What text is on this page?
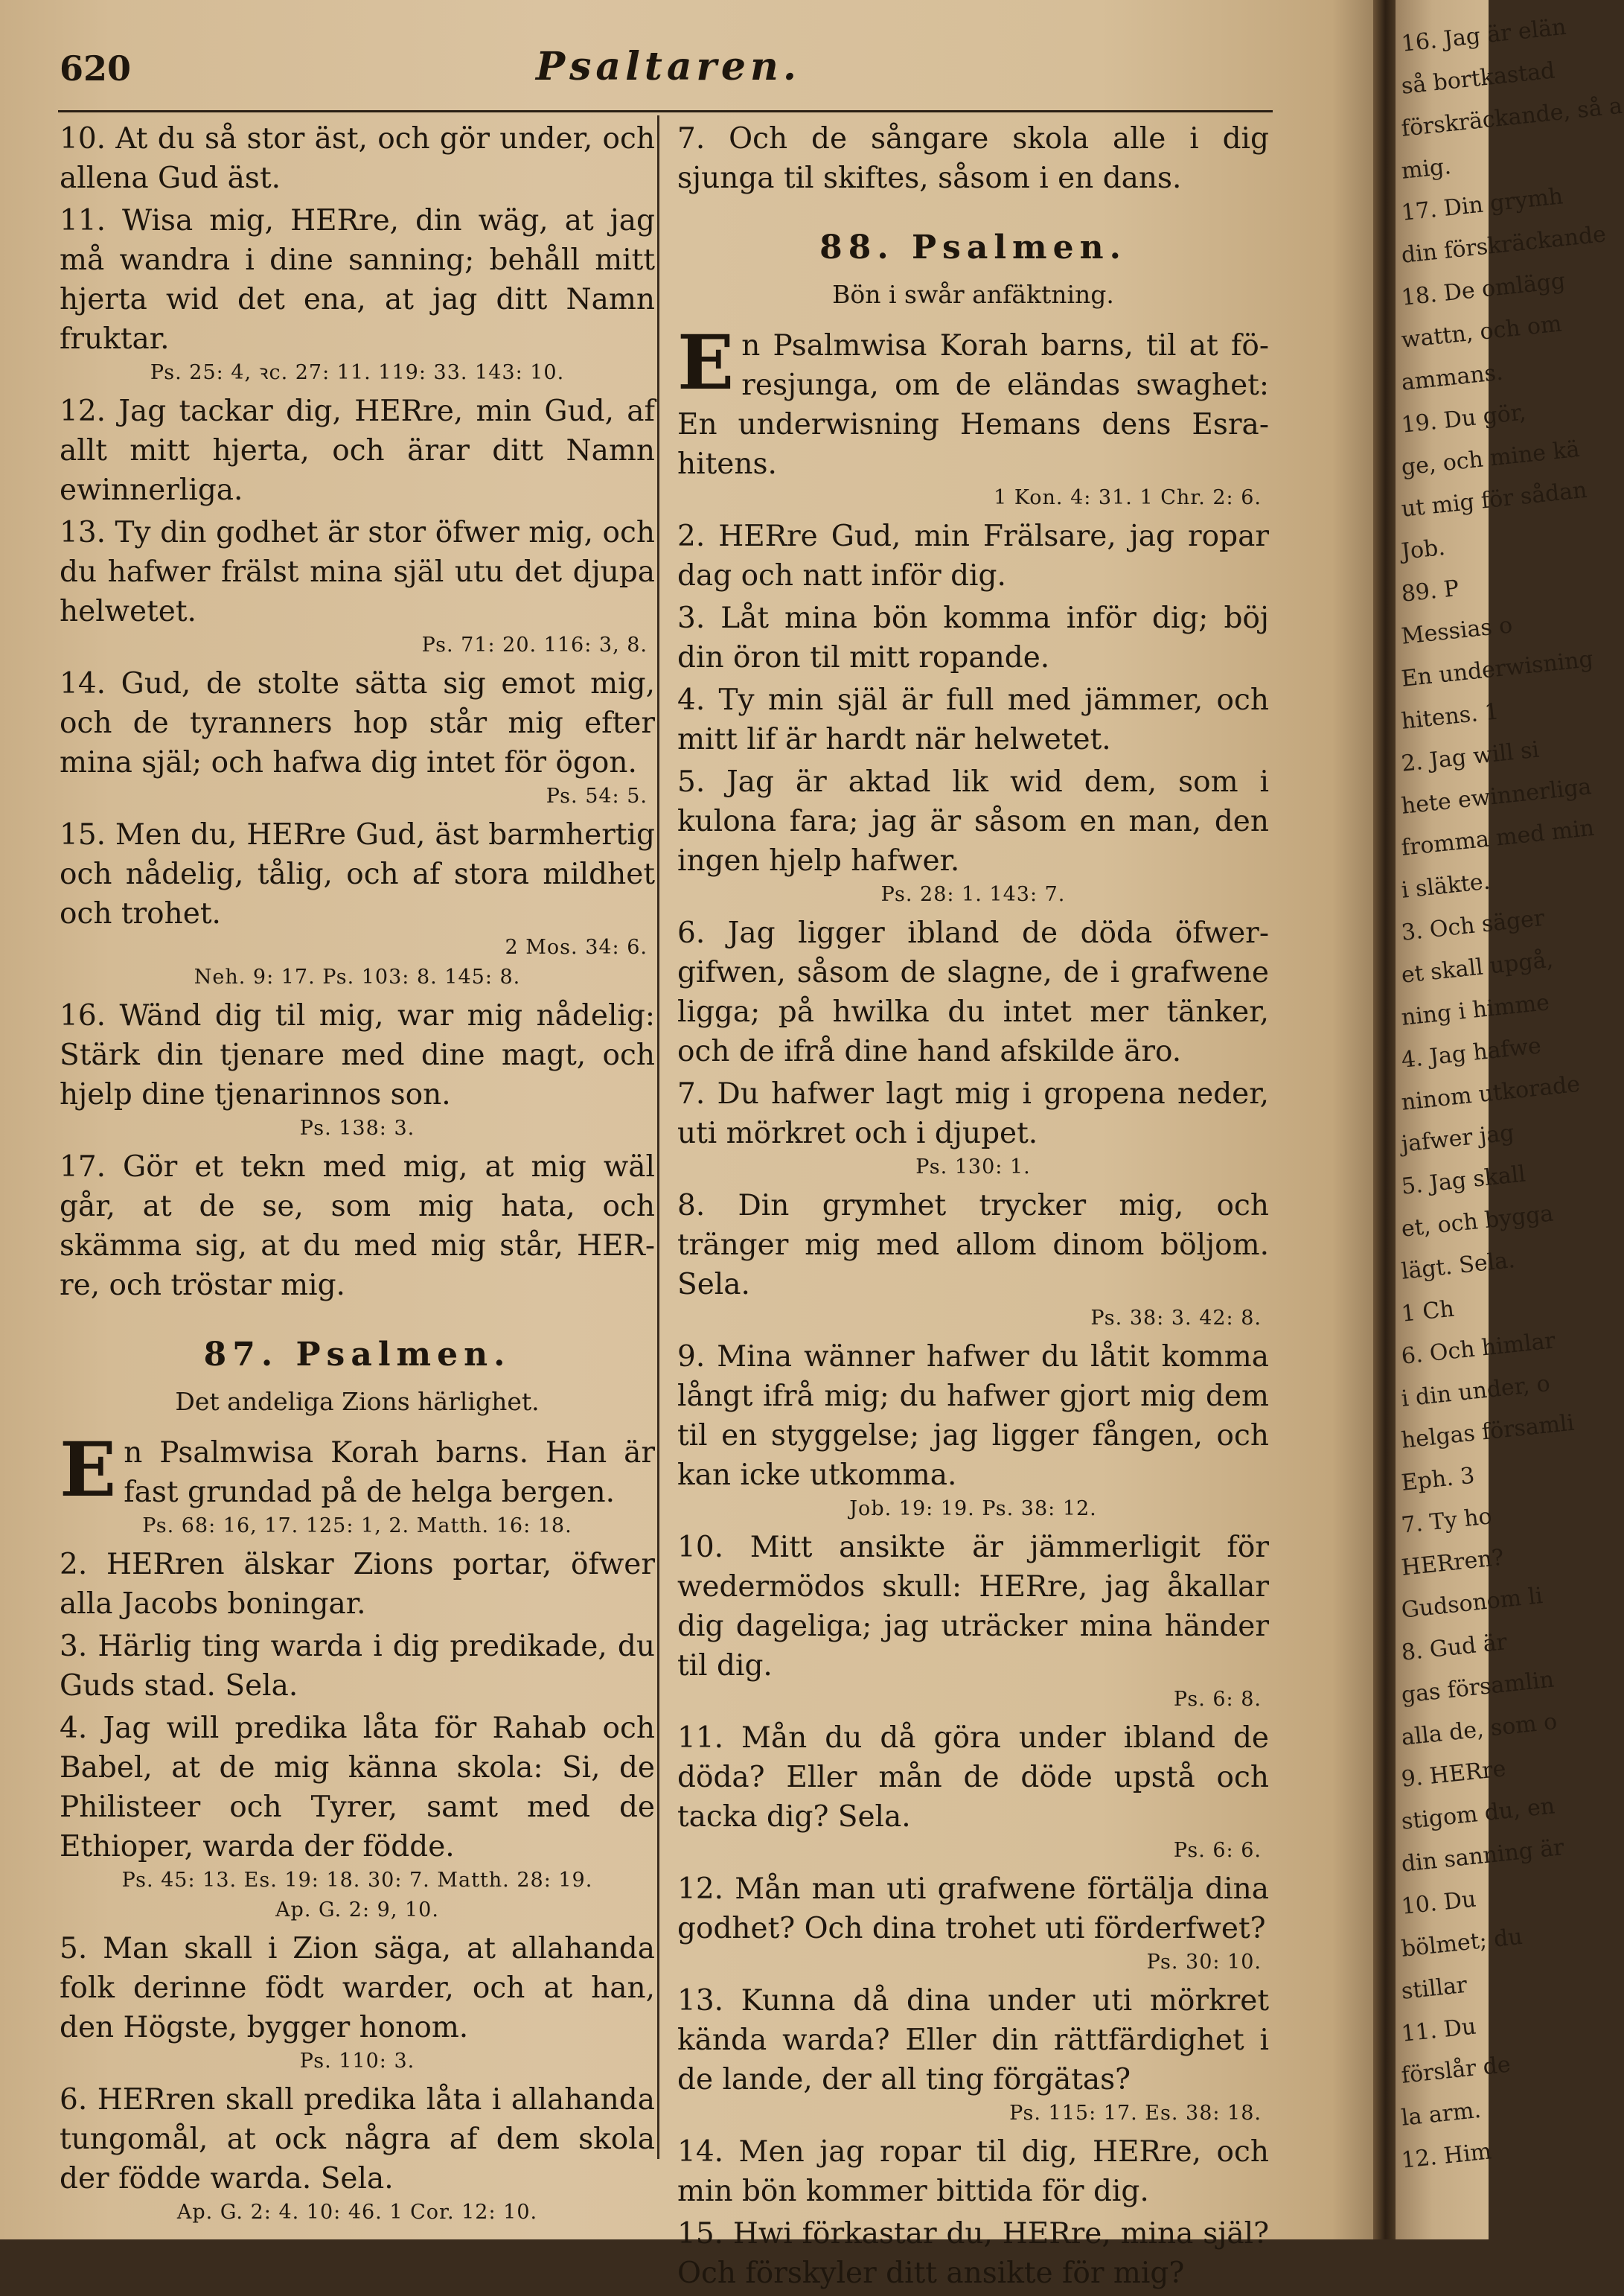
620	Psaltaren.

10. At du så stor äst, och gör under, och allena Gud äst.

11. Wisa mig, HERre, din wäg, at jag må wandra i dine sanning; behåll mitt hjerta wid det ena, at jag ditt Namn fruktar.

Ps. 25: 4, ꝛc. 27: 11. 119: 33. 143: 10.

12. Jag tackar dig, HERre, min Gud, af allt mitt hjerta, och ärar ditt Namn ewinnerliga.

13. Ty din godhet är stor öfwer mig, och du hafwer frälst mina själ utu det djupa helwetet.

Ps. 71: 20. 116: 3, 8.

14. Gud, de stolte sätta sig emot mig, och de tyranners hop står mig efter mina själ; och hafwa dig intet för ögon.

Ps. 54: 5.

15. Men du, HERre Gud, äst barmhertig och nådelig, tålig, och af stora mildhet och trohet.

2 Mos. 34: 6.
Neh. 9: 17. Ps. 103: 8. 145: 8.

16. Wänd dig til mig, war mig nådelig: Stärk din tjenare med dine magt, och hjelp dine tjenarinnos son.

Ps. 138: 3.

17. Gör et tekn med mig, at mig wäl går, at de se, som mig hata, och skämma sig, at du med mig står, HERre, och tröstar mig.

87. Psalmen.
Det andeliga Zions härlighet.

En Psalmwisa Korah barns. Han är fast grundad på de helga bergen.

Ps. 68: 16, 17. 125: 1, 2. Matth. 16: 18.

2. HERren älskar Zions portar, öfwer alla Jacobs boningar.

3. Härlig ting warda i dig predikade, du Guds stad. Sela.

4. Jag will predika låta för Rahab och Babel, at de mig känna skola: Si, de Philisteer och Tyrer, samt med de Ethioper, warda der födde.

Ps. 45: 13. Es. 19: 18. 30: 7. Matth. 28: 19.
Ap. G. 2: 9, 10.

5. Man skall i Zion säga, at allahanda folk derinne födt warder, och at han, den Högste, bygger honom.

Ps. 110: 3.

6. HERren skall predika låta i allahanda tungomål, at ock några af dem skola der födde warda. Sela.

Ap. G. 2: 4. 10: 46. 1 Cor. 12: 10.

7. Och de sångare skola alle i dig sjunga til skiftes, såsom i en dans.

88. Psalmen.
Bön i swår anfäktning.

En Psalmwisa Korah barns, til at föresjunga, om de eländas swaghet: En underwisning Hemans dens Esrahitens.

1 Kon. 4: 31. 1 Chr. 2: 6.

2. HERre Gud, min Frälsare, jag ropar dag och natt inför dig.

3. Låt mina bön komma inför dig; böj din öron til mitt ropande.

4. Ty min själ är full med jämmer, och mitt lif är hardt när helwetet.

5. Jag är aktad lik wid dem, som i kulona fara; jag är såsom en man, den ingen hjelp hafwer.

Ps. 28: 1. 143: 7.

6. Jag ligger ibland de döda öfwergifwen, såsom de slagne, de i grafwene ligga; på hwilka du intet mer tänker, och de ifrå dine hand afskilde äro.

7. Du hafwer lagt mig i gropena neder, uti mörkret och i djupet.

Ps. 130: 1.

8. Din grymhet trycker mig, och tränger mig med allom dinom böljom. Sela.

Ps. 38: 3. 42: 8.

9. Mina wänner hafwer du låtit komma långt ifrå mig; du hafwer gjort mig dem til en styggelse; jag ligger fången, och kan icke utkomma.

Job. 19: 19. Ps. 38: 12.

10. Mitt ansikte är jämmerligit för wedermödos skull: HERre, jag åkallar dig dageliga; jag uträcker mina händer til dig.

Ps. 6: 8.

11. Mån du då göra under ibland de döda? Eller mån de döde upstå och tacka dig? Sela.

Ps. 6: 6.

12. Mån man uti grafwene förtälja dina godhet? Och dina trohet uti förderfwet?

Ps. 30: 10.

13. Kunna då dina under uti mörkret kända warda? Eller din rättfärdighet i de lande, der all ting förgätas?

Ps. 115: 17. Es. 38: 18.

14. Men jag ropar til dig, HERre, och min bön kommer bittida för dig.

15. Hwi förkastar du, HERre, mina själ? Och förskyler ditt ansikte för mig?

16. Jag är elän
så bortkastad
förskräckande, så a
mig.
17. Din grymh
din förskräckande
18. De omlägg
wattn, och om
ammans.
19. Du gör,
ge, och mine kä
ut mig för sådan
Job.
89. P
Messias o
En underwisning
hitens. 1
2. Jag will si
hete ewinnerliga
fromma med min
i släkte.
3. Och säger
et skall upgå,
ning i himme
4. Jag hafwe
ninom utkorade
jafwer jag
5. Jag skall
et, och bygga
lägt. Sela.
1 Ch
6. Och himlar
i din under, o
helgas församli
Eph. 3
7. Ty ho
HERren?
Gudsonom li
8. Gud är
gas församlin
alla de, som o
9. HERre
stigom du, en
din sanning är
10. Du
bölmet; du
stillar
11. Du
förslår de
la arm.
12. Him
